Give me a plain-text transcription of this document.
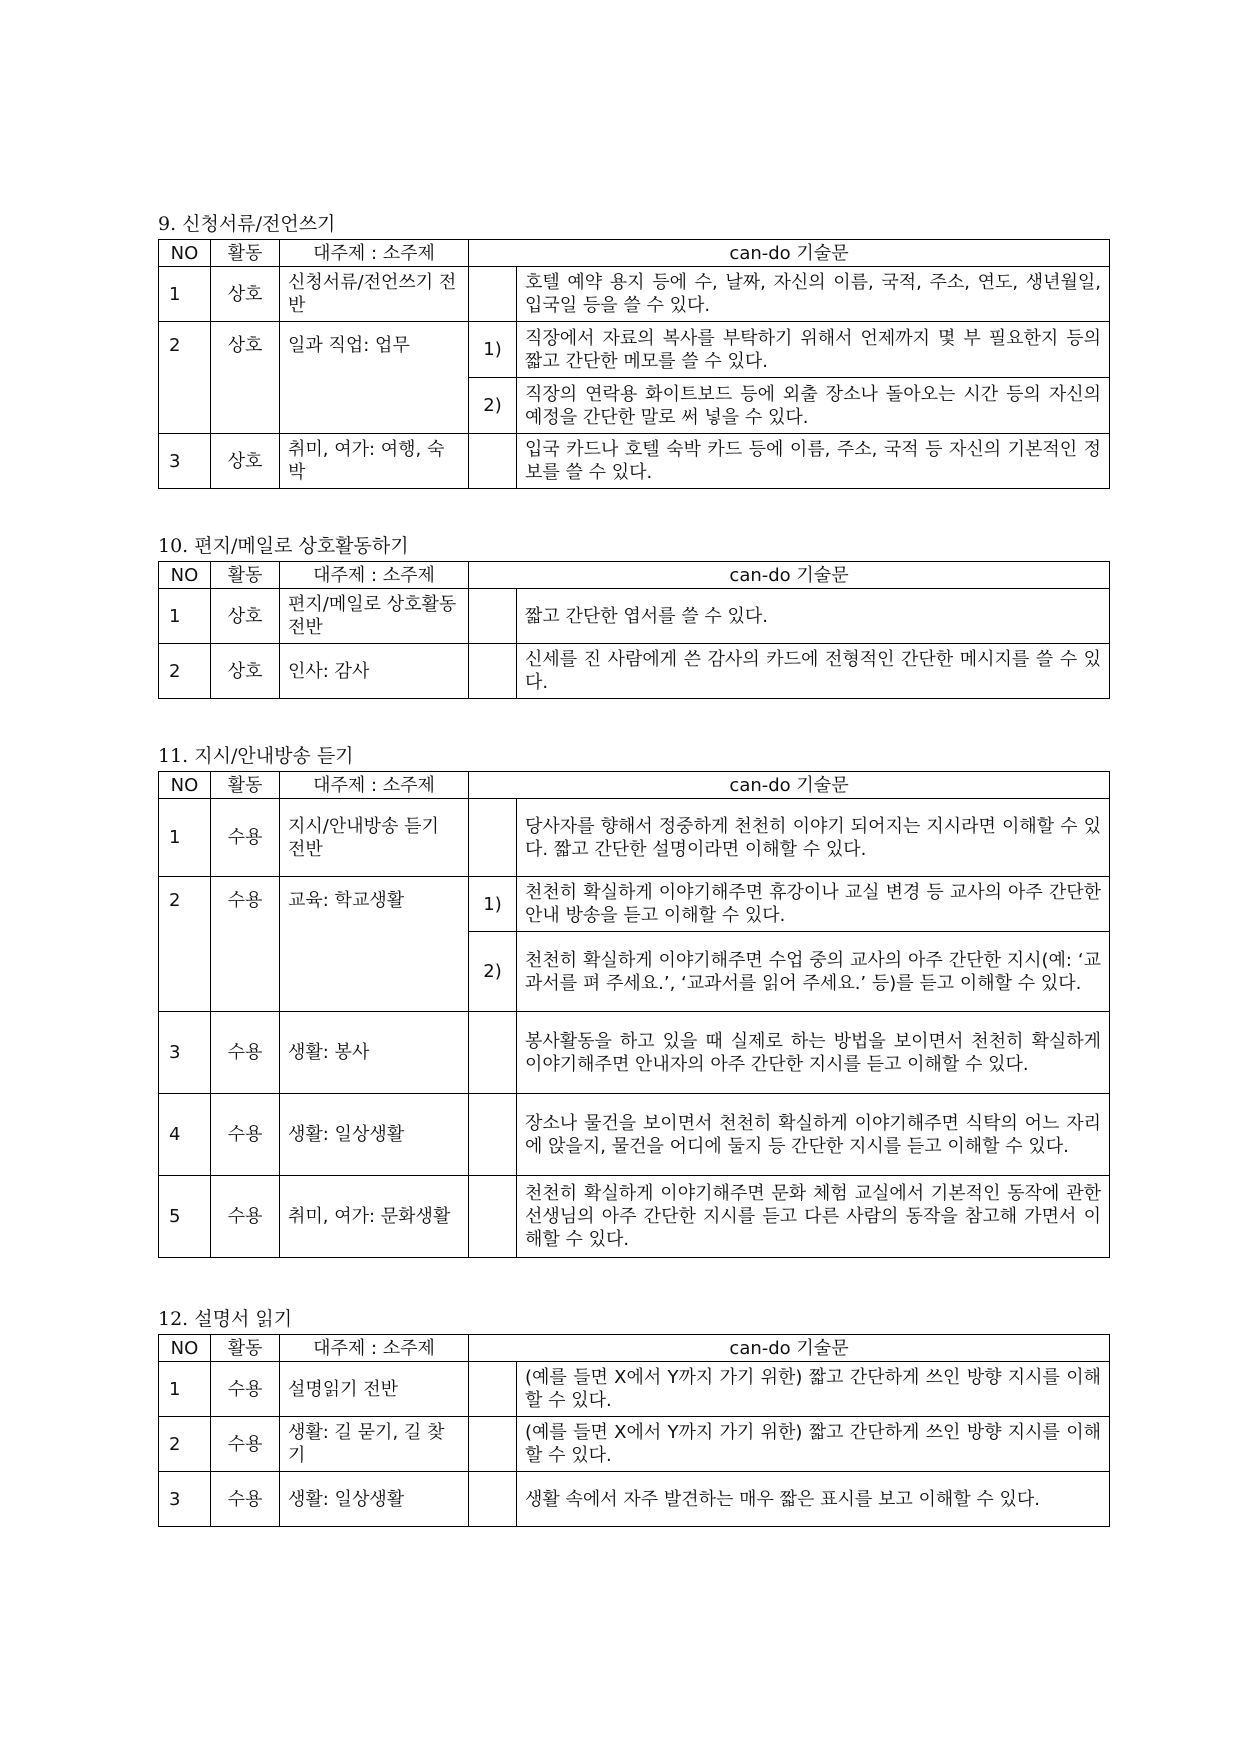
9. 신청서류/전언쓰기
NO	활동	대주제 : 소주제	can-do 기술문	
1	상호	신청서류/전언쓰기 전반		호텔 예약 용지 등에 수, 날짜, 자신의 이름, 국적, 주소, 연도, 생년월일, 입국일 등을 쓸 수 있다.
2	상호	일과 직업: 업무	1)	직장에서 자료의 복사를 부탁하기 위해서 언제까지 몇 부 필요한지 등의 짧고 간단한 메모를 쓸 수 있다.
			2)	직장의 연락용 화이트보드 등에 외출 장소나 돌아오는 시간 등의 자신의 예정을 간단한 말로 써 넣을 수 있다.
3	상호	취미, 여가: 여행, 숙박		입국 카드나 호텔 숙박 카드 등에 이름, 주소, 국적 등 자신의 기본적인 정보를 쓸 수 있다.
10. 편지/메일로 상호활동하기
NO	활동	대주제 : 소주제	can-do 기술문	
1	상호	편지/메일로 상호활동전반		짧고 간단한 엽서를 쓸 수 있다.
2	상호	인사: 감사		신세를 진 사람에게 쓴 감사의 카드에 전형적인 간단한 메시지를 쓸 수 있다.
11. 지시/안내방송 듣기
NO	활동	대주제 : 소주제	can-do 기술문	
1	수용	지시/안내방송 듣기 전반		당사자를 향해서 정중하게 천천히 이야기 되어지는 지시라면 이해할 수 있다. 짧고 간단한 설명이라면 이해할 수 있다.
2	수용	교육: 학교생활	1)	천천히 확실하게 이야기해주면 휴강이나 교실 변경 등 교사의 아주 간단한 안내 방송을 듣고 이해할 수 있다.
			2)	천천히 확실하게 이야기해주면 수업 중의 교사의 아주 간단한 지시(예: ‘교과서를 펴 주세요.’, ‘교과서를 읽어 주세요.’ 등)를 듣고 이해할 수 있다.
3	수용	생활: 봉사		봉사활동을 하고 있을 때 실제로 하는 방법을 보이면서 천천히 확실하게 이야기해주면 안내자의 아주 간단한 지시를 듣고 이해할 수 있다.
4	수용	생활: 일상생활		장소나 물건을 보이면서 천천히 확실하게 이야기해주면 식탁의 어느 자리에 앉을지, 물건을 어디에 둘지 등 간단한 지시를 듣고 이해할 수 있다.
5	수용	취미, 여가: 문화생활		천천히 확실하게 이야기해주면 문화 체험 교실에서 기본적인 동작에 관한 선생님의 아주 간단한 지시를 듣고 다른 사람의 동작을 참고해 가면서 이해할 수 있다.
12. 설명서 읽기
NO	활동	대주제 : 소주제	can-do 기술문	
1	수용	설명읽기 전반		(예를 들면 X에서 Y까지 가기 위한) 짧고 간단하게 쓰인 방향 지시를 이해할 수 있다.
2	수용	생활: 길 묻기, 길 찾기		(예를 들면 X에서 Y까지 가기 위한) 짧고 간단하게 쓰인 방향 지시를 이해할 수 있다.
3	수용	생활: 일상생활		생활 속에서 자주 발견하는 매우 짧은 표시를 보고 이해할 수 있다.
